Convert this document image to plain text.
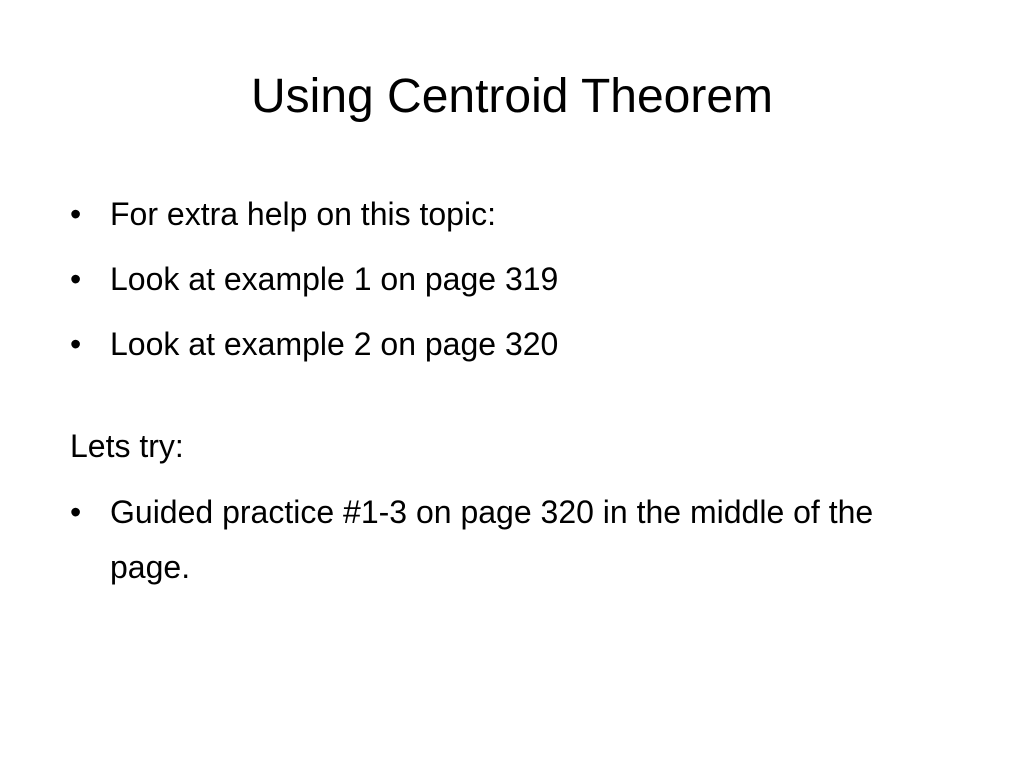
Using Centroid Theorem
• For extra help on this topic:
• Look at example 1 on page 319
• Look at example 2 on page 320
Lets try:
• Guided practice #1-3 on page 320 in the middle of the page.
